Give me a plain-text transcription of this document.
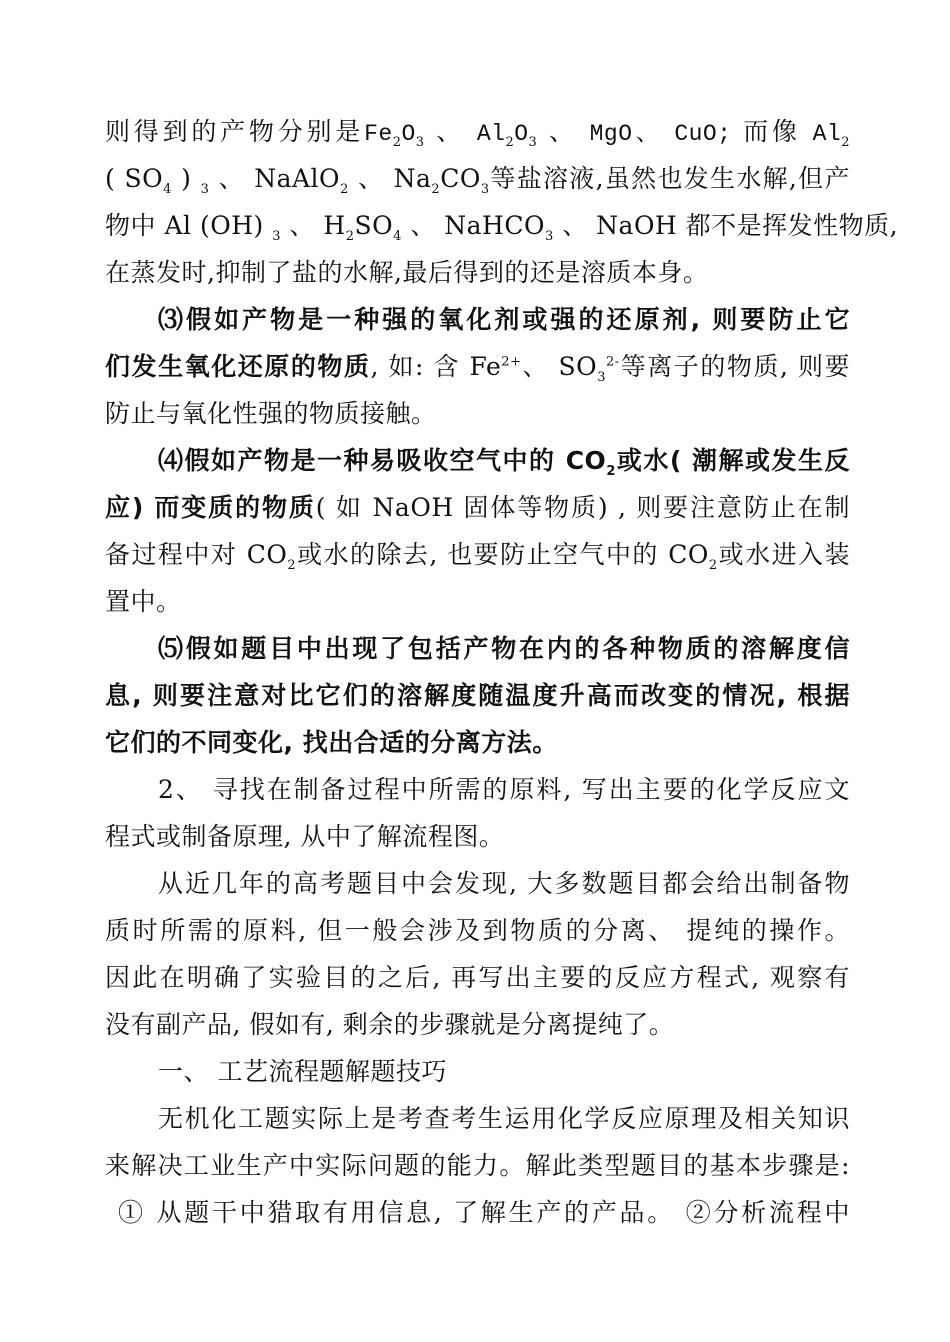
则得到的产物分别是$Fe_2O_3$ 、 $Al_2O_3$ 、 MgO、 CuO; 而像 $Al_2$
( $SO_4$ ) $_3$ 、 NaAlO$_2$ 、 $Na_2CO_3$等盐溶液,虽然也发生水解,但产
物中 Al (OH) $_3$ 、 $H_2SO_4$ 、 NaHCO$_3$ 、 NaOH 都不是挥发性物质,
在蒸发时,抑制了盐的水解,最后得到的还是溶质本身。
⑶假如产物是一种强的氧化剂或强的还原剂, 则要防止它
们发生氧化还原的物质, 如: 含 $Fe^{2+}$、 $SO_3^{2-}$等离子的物质, 则要
防止与氧化性强的物质接触。
⑷假如产物是一种易吸收空气中的 $CO_2$或水( 潮解或发生反
应) 而变质的物质( 如 NaOH 固体等物质) , 则要注意防止在制
备过程中对 $CO_2$或水的除去, 也要防止空气中的 $CO_2$或水进入装
置中。
⑸假如题目中出现了包括产物在内的各种物质的溶解度信
息, 则要注意对比它们的溶解度随温度升高而改变的情况, 根据
它们的不同变化, 找出合适的分离方法。
2、 寻找在制备过程中所需的原料, 写出主要的化学反应文
程式或制备原理, 从中了解流程图。
从近几年的高考题目中会发现, 大多数题目都会给出制备物
质时所需的原料, 但一般会涉及到物质的分离、 提纯的操作。
因此在明确了实验目的之后, 再写出主要的反应方程式, 观察有
没有副产品, 假如有, 剩余的步骤就是分离提纯了。
一、 工艺流程题解题技巧
无机化工题实际上是考查考生运用化学反应原理及相关知识
来解决工业生产中实际问题的能力。解此类型题目的基本步骤是:
① 从题干中猎取有用信息, 了解生产的产品。 ②分析流程中
